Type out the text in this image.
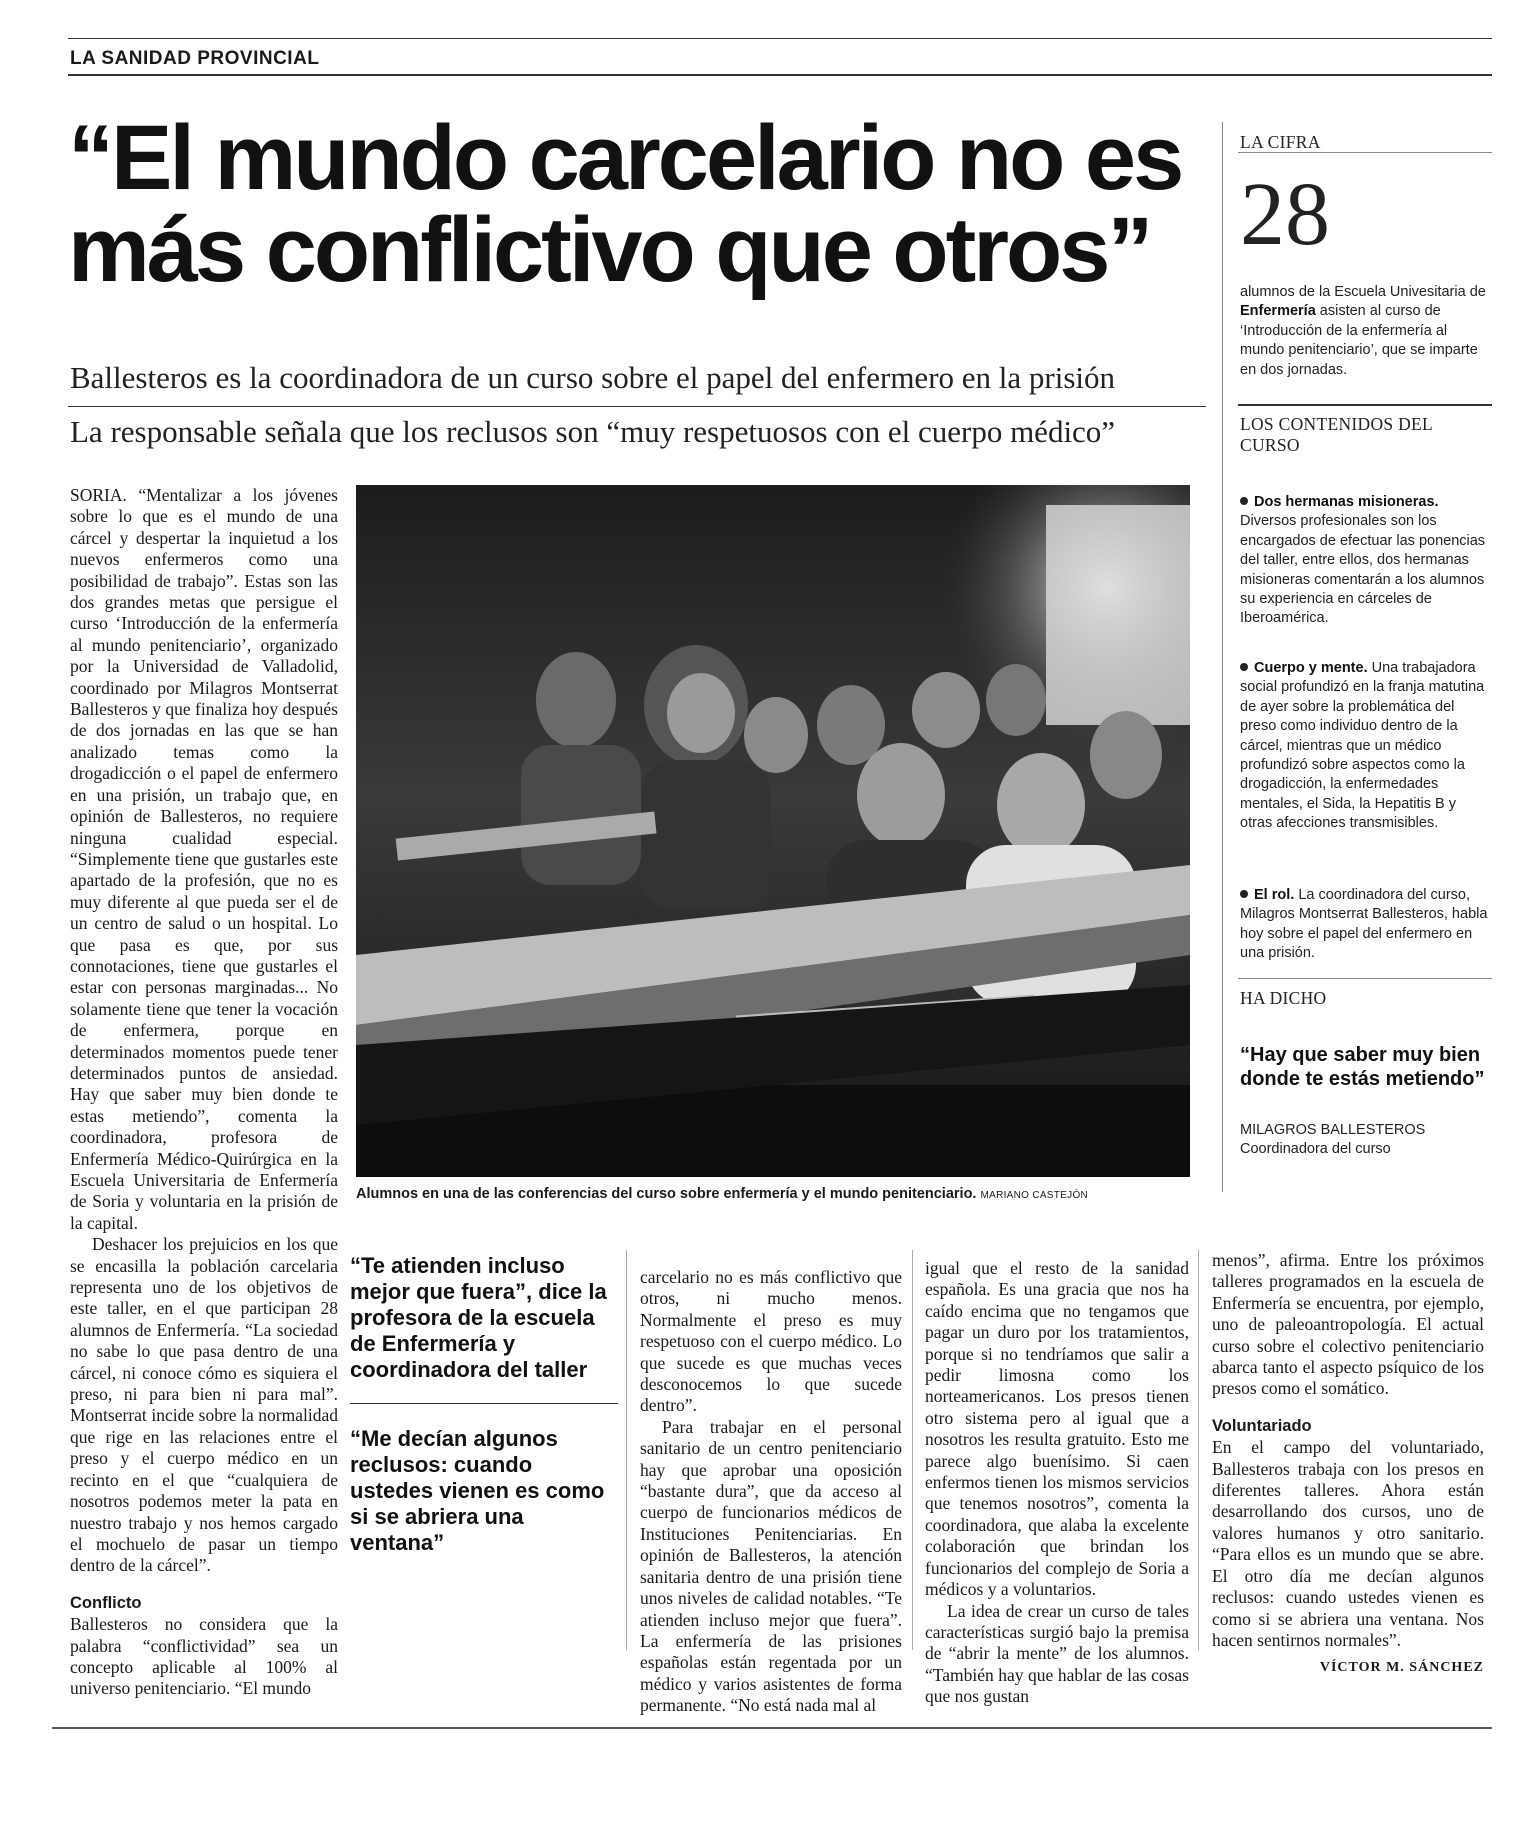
LA SANIDAD PROVINCIAL
“El mundo carcelario no es más conflictivo que otros”
Ballesteros es la coordinadora de un curso sobre el papel del enfermero en la prisión
La responsable señala que los reclusos son “muy respetuosos con el cuerpo médico”

SORIA. “Mentalizar a los jóvenes sobre lo que es el mundo de una cárcel y despertar la inquietud a los nuevos enfermeros como una posibilidad de trabajo”. Estas son las dos grandes metas que persigue el curso ‘Introducción de la enfermería al mundo penitenciario’, organizado por la Universidad de Valladolid, coordinado por Milagros Montserrat Ballesteros y que finaliza hoy después de dos jornadas en las que se han analizado temas como la drogadicción o el papel de enfermero en una prisión, un trabajo que, en opinión de Ballesteros, no requiere ninguna cualidad especial. “Simplemente tiene que gustarles este apartado de la profesión, que no es muy diferente al que pueda ser el de un centro de salud o un hospital. Lo que pasa es que, por sus connotaciones, tiene que gustarles el estar con personas marginadas... No solamente tiene que tener la vocación de enfermera, porque en determinados momentos puede tener determinados puntos de ansiedad. Hay que saber muy bien donde te estas metiendo”, comenta la coordinadora, profesora de Enfermería Médico-Quirúrgica en la Escuela Universitaria de Enfermería de Soria y voluntaria en la prisión de la capital.

Deshacer los prejuicios en los que se encasilla la población carcelaria representa uno de los objetivos de este taller, en el que participan 28 alumnos de Enfermería. “La sociedad no sabe lo que pasa dentro de una cárcel, ni conoce cómo es siquiera el preso, ni para bien ni para mal”. Montserrat incide sobre la normalidad que rige en las relaciones entre el preso y el cuerpo médico en un recinto en el que “cualquiera de nosotros podemos meter la pata en nuestro trabajo y nos hemos cargado el mochuelo de pasar un tiempo dentro de la cárcel”.

Conflicto

Ballesteros no considera que la palabra “conflictividad” sea un concepto aplicable al 100% al universo penitenciario. “El mundo

Alumnos en una de las conferencias del curso sobre enfermería y el mundo penitenciario. MARIANO CASTEJÓN
“Te atienden incluso mejor que fuera”, dice la profesora de la escuela de Enfermería y coordinadora del taller
“Me decían algunos reclusos: cuando ustedes vienen es como si se abriera una ventana”

carcelario no es más conflictivo que otros, ni mucho menos. Normalmente el preso es muy respetuoso con el cuerpo médico. Lo que sucede es que muchas veces desconocemos lo que sucede dentro”.

Para trabajar en el personal sanitario de un centro penitenciario hay que aprobar una oposición “bastante dura”, que da acceso al cuerpo de funcionarios médicos de Instituciones Penitenciarias. En opinión de Ballesteros, la atención sanitaria dentro de una prisión tiene unos niveles de calidad notables. “Te atienden incluso mejor que fuera”. La enfermería de las prisiones españolas están regentada por un médico y varios asistentes de forma permanente. “No está nada mal al

igual que el resto de la sanidad española. Es una gracia que nos ha caído encima que no tengamos que pagar un duro por los tratamientos, porque si no tendríamos que salir a pedir limosna como los norteamericanos. Los presos tienen otro sistema pero al igual que a nosotros les resulta gratuito. Esto me parece algo buenísimo. Si caen enfermos tienen los mismos servicios que tenemos nosotros”, comenta la coordinadora, que alaba la excelente colaboración que brindan los funcionarios del complejo de Soria a médicos y a voluntarios.

La idea de crear un curso de tales características surgió bajo la premisa de “abrir la mente” de los alumnos. “También hay que hablar de las cosas que nos gustan

menos”, afirma. Entre los próximos talleres programados en la escuela de Enfermería se encuentra, por ejemplo, uno de paleoantropología. El actual curso sobre el colectivo penitenciario abarca tanto el aspecto psíquico de los presos como el somático.

Voluntariado

En el campo del voluntariado, Ballesteros trabaja con los presos en diferentes talleres. Ahora están desarrollando dos cursos, uno de valores humanos y otro sanitario. “Para ellos es un mundo que se abre. El otro día me decían algunos reclusos: cuando ustedes vienen es como si se abriera una ventana. Nos hacen sentirnos normales”.

VÍCTOR M. SÁNCHEZ
LA CIFRA
28
alumnos de la Escuela Univesitaria de Enfermería asisten al curso de ‘Introducción de la enfermería al mundo penitenciario’, que se imparte en dos jornadas.
LOS CONTENIDOS DEL CURSO
Dos hermanas misioneras. Diversos profesionales son los encargados de efectuar las ponencias del taller, entre ellos, dos hermanas misioneras comentarán a los alumnos su experiencia en cárceles de Iberoamérica.
Cuerpo y mente. Una trabajadora social profundizó en la franja matutina de ayer sobre la problemática del preso como individuo dentro de la cárcel, mientras que un médico profundizó sobre aspectos como la drogadicción, la enfermedades mentales, el Sida, la Hepatitis B y otras afecciones transmisibles.
El rol. La coordinadora del curso, Milagros Montserrat Ballesteros, habla hoy sobre el papel del enfermero en una prisión.
HA DICHO
“Hay que saber muy bien donde te estás metiendo”
MILAGROS BALLESTEROS
Coordinadora del curso
